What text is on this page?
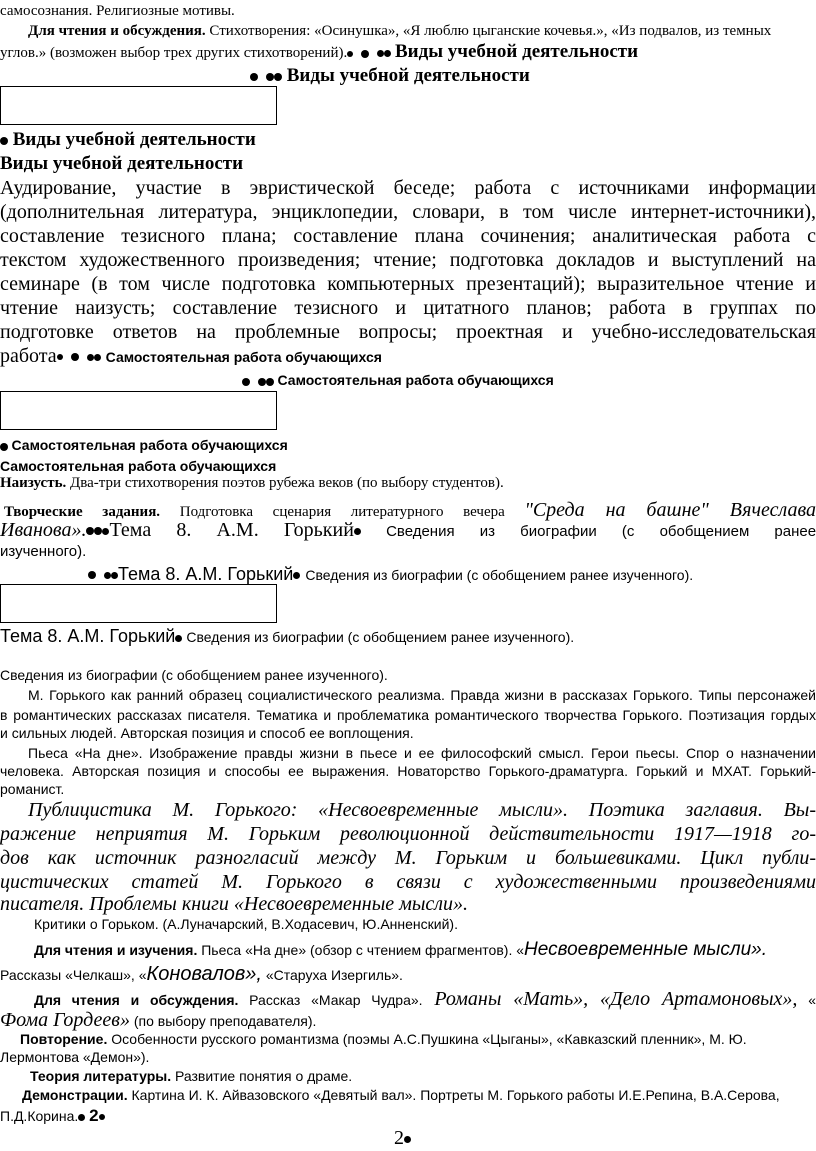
самосознания. Религиозные мотивы.
Для чтения и обсуждения. Стихотворения: «Осинушка», «Я люблю цыганские кочевья.», «Из подвалов, из темных
углов.» (возможен выбор трех других стихотворений).	Виды учебной деятельности
Виды учебной деятельности
Виды учебной деятельности
Виды учебной деятельности
Аудирование, участие в эвристической беседе; работа с источниками информации
(дополнительная литература, энциклопедии, словари, в том числе интернет-источники),
составление тезисного плана; составление плана сочинения; аналитическая работа с
текстом художественного произведения; чтение; подготовка докладов и выступлений на
семинаре (в том числе подготовка компьютерных презентаций); выразительное чтение и
чтение наизусть; составление тезисного и цитатного планов; работа в группах по
подготовке ответов на проблемные вопросы; проектная и учебно-исследовательская
работа	Самостоятельная работа обучающихся
Самостоятельная работа обучающихся
Самостоятельная работа обучающихся
Самостоятельная работа обучающихся
Наизусть. Два-три стихотворения поэтов рубежа веков (по выбору студентов).
Творческие задания. Подготовка сценария литературного вечера "Среда на башне" Вячеслава
Иванова». Тема 8. А.М. Горький Сведения из биографии (с обобщением ранее
изученного).
Тема 8. А.М. Горький Сведения из биографии (с обобщением ранее изученного).
Тема 8. А.М. Горький Сведения из биографии (с обобщением ранее изученного).
Сведения из биографии (с обобщением ранее изученного).
М. Горького как ранний образец социалистического реализма. Правда жизни в рассказах Горького. Типы персонажей
в романтических рассказах писателя. Тематика и проблематика романтического творчества Горького. Поэтизация гордых
и сильных людей. Авторская позиция и способ ее воплощения.
Пьеса «На дне». Изображение правды жизни в пьесе и ее философский смысл. Герои пьесы. Спор о назначении
человека. Авторская позиция и способы ее выражения. Новаторство Горького-драматурга. Горький и МХАТ. Горький-
романист.
Публицистика М. Горького: «Несвоевременные мысли». Поэтика заглавия. Вы-
ражение неприятия М. Горьким революционной действительности 1917—1918 го-
дов как источник разногласий между М. Горьким и большевиками. Цикл публи-
цистических статей М. Горького в связи с художественными произведениями
писателя. Проблемы книги «Несвоевременные мысли».
Критики о Горьком. (А.Луначарский, В.Ходасевич, Ю.Анненский).
Для чтения и изучения. Пьеса «На дне» (обзор с чтением фрагментов). «Несвоевременные мысли».
Рассказы «Челкаш», «Коновалов», «Старуха Изергиль».
Для чтения и обсуждения. Рассказ «Макар Чудра». Романы «Мать», «Дело Артамоновых», «
Фома Гордеев» (по выбору преподавателя).
Повторение. Особенности русского романтизма (поэмы А.С.Пушкина «Цыганы», «Кавказский пленник», М. Ю.
Лермонтова «Демон»).
Теория литературы. Развитие понятия о драме.
Демонстрации. Картина И. К. Айвазовского «Девятый вал». Портреты М. Горького работы И.Е.Репина, В.А.Серова,
П.Д.Корина. 2
2
